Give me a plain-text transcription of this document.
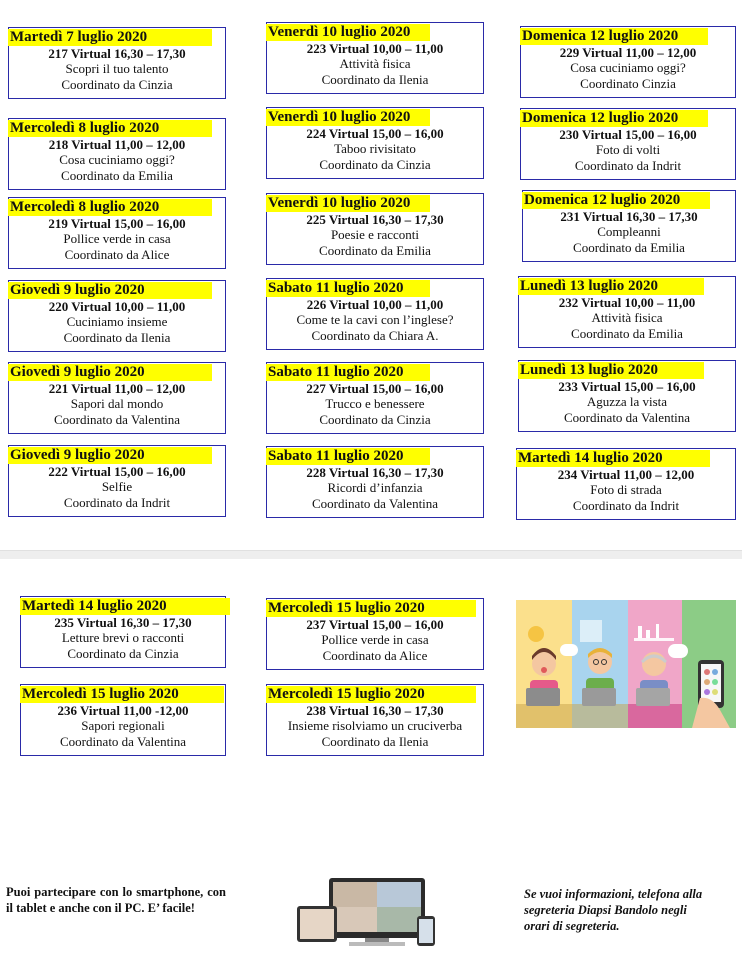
Martedì 7 luglio 2020
217 Virtual 16,30 – 17,30
Scopri il tuo talento
Coordinato da Cinzia
Mercoledì 8 luglio 2020
218 Virtual 11,00 – 12,00
Cosa cuciniamo oggi?
Coordinato da Emilia
Mercoledì 8 luglio 2020
219 Virtual 15,00 – 16,00
Pollice verde in casa
Coordinato da Alice
Giovedì 9 luglio 2020
220 Virtual 10,00 – 11,00
Cuciniamo insieme
Coordinato da Ilenia
Giovedì 9 luglio 2020
221 Virtual 11,00 – 12,00
Sapori dal mondo
Coordinato da Valentina
Giovedì 9 luglio 2020
222 Virtual 15,00 – 16,00
Selfie
Coordinato da Indrit
Venerdì 10 luglio 2020
223 Virtual 10,00 – 11,00
Attività fisica
Coordinato da Ilenia
Venerdì 10 luglio 2020
224 Virtual 15,00 – 16,00
Taboo rivisitato
Coordinato da Cinzia
Venerdì 10 luglio 2020
225 Virtual 16,30 – 17,30
Poesie e racconti
Coordinato da Emilia
Sabato 11 luglio 2020
226 Virtual 10,00 – 11,00
Come te la cavi con l’inglese?
Coordinato da Chiara A.
Sabato 11 luglio 2020
227 Virtual 15,00 – 16,00
Trucco e benessere
Coordinato da Cinzia
Sabato 11 luglio 2020
228 Virtual 16,30 – 17,30
Ricordi d’infanzia
Coordinato da Valentina
Domenica 12 luglio 2020
229 Virtual 11,00 – 12,00
Cosa cuciniamo oggi?
Coordinato Cinzia
Domenica 12 luglio 2020
230 Virtual 15,00 – 16,00
Foto di volti
Coordinato da Indrit
Domenica 12 luglio 2020
231 Virtual 16,30 – 17,30
Compleanni
Coordinato da Emilia
Lunedì 13 luglio 2020
232 Virtual 10,00 – 11,00
Attività fisica
Coordinato da Emilia
Lunedì 13 luglio 2020
233 Virtual 15,00 – 16,00
Aguzza la vista
Coordinato da Valentina
Martedì 14 luglio 2020
234 Virtual 11,00 – 12,00
Foto di strada
Coordinato da Indrit
Martedì 14 luglio 2020
235 Virtual 16,30 – 17,30
Letture brevi o racconti
Coordinato da Cinzia
Mercoledì 15 luglio 2020
236 Virtual 11,00 -12,00
Sapori regionali
Coordinato da Valentina
Mercoledì 15 luglio 2020
237 Virtual 15,00 – 16,00
Pollice verde in casa
Coordinato da Alice
Mercoledì 15 luglio 2020
238 Virtual 16,30 – 17,30
Insieme risolviamo un cruciverba
Coordinato da Ilenia
Puoi partecipare con lo smartphone, con il tablet e anche con il PC. E’ facile!
Se vuoi informazioni, telefona alla
segreteria Diapsi Bandolo negli
orari di segreteria.
